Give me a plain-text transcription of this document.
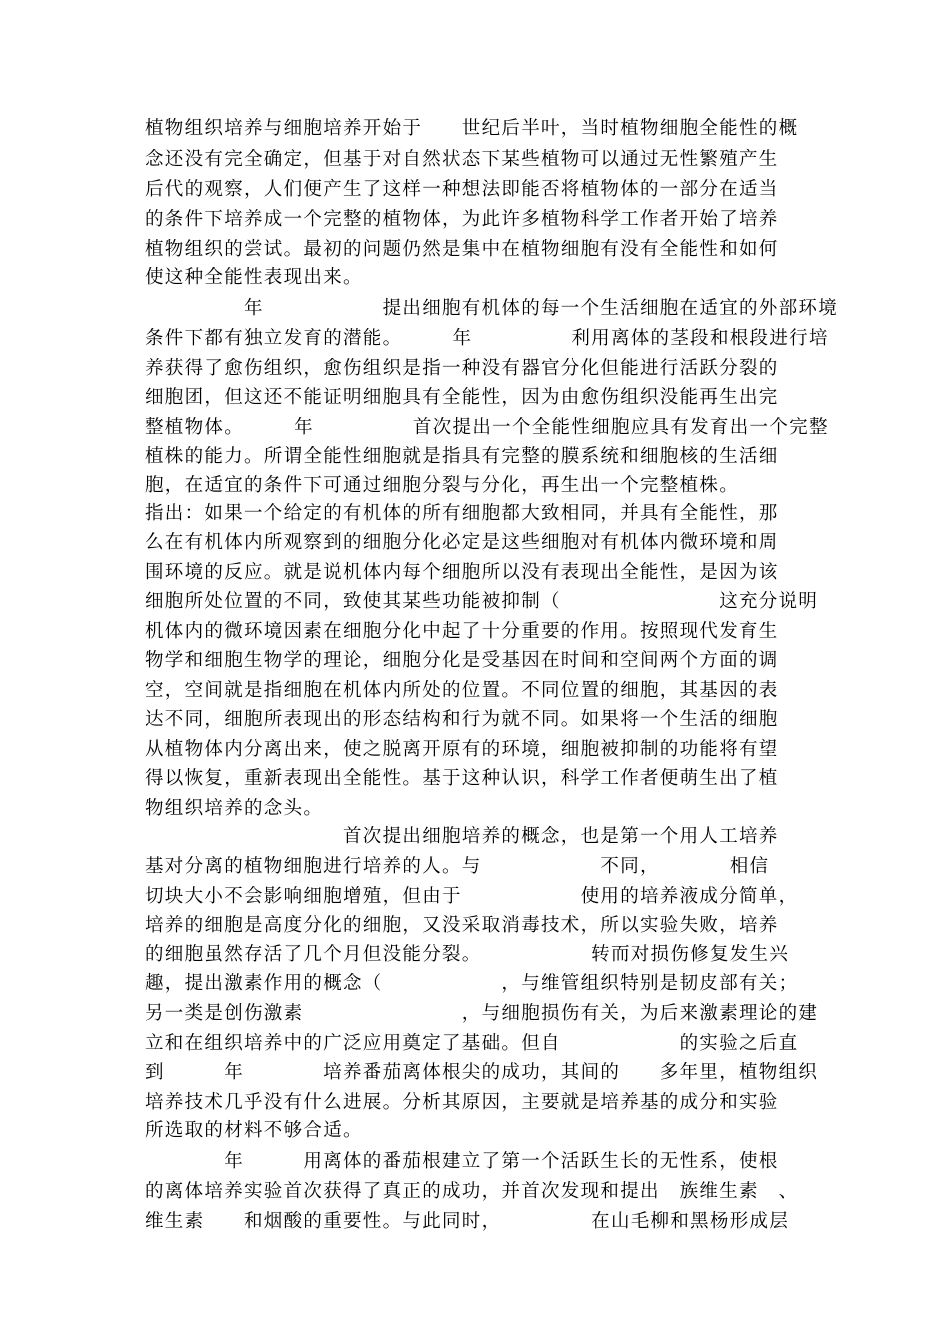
植物组织培养与细胞培养开始于　　世纪后半叶，当时植物细胞全能性的概
念还没有完全确定，但基于对自然状态下某些植物可以通过无性繁殖产生
后代的观察，人们便产生了这样一种想法即能否将植物体的一部分在适当
的条件下培养成一个完整的植物体，为此许多植物科学工作者开始了培养
植物组织的尝试。最初的问题仍然是集中在植物细胞有没有全能性和如何
使这种全能性表现出来。
　　　　　年　　　　　　提出细胞有机体的每一个生活细胞在适宜的外部环境
条件下都有独立发育的潜能。　　　年　　　　　利用离体的茎段和根段进行培
养获得了愈伤组织，愈伤组织是指一种没有器官分化但能进行活跃分裂的
细胞团，但这还不能证明细胞具有全能性，因为由愈伤组织没能再生出完
整植物体。　　　年　　　　　首次提出一个全能性细胞应具有发育出一个完整
植株的能力。所谓全能性细胞就是指具有完整的膜系统和细胞核的生活细
胞，在适宜的条件下可通过细胞分裂与分化，再生出一个完整植株。
指出：如果一个给定的有机体的所有细胞都大致相同，并具有全能性，那
么在有机体内所观察到的细胞分化必定是这些细胞对有机体内微环境和周
围环境的反应。就是说机体内每个细胞所以没有表现出全能性，是因为该
细胞所处位置的不同，致使其某些功能被抑制（　　　　　　　　这充分说明
机体内的微环境因素在细胞分化中起了十分重要的作用。按照现代发育生
物学和细胞生物学的理论，细胞分化是受基因在时间和空间两个方面的调
空，空间就是指细胞在机体内所处的位置。不同位置的细胞，其基因的表
达不同，细胞所表现出的形态结构和行为就不同。如果将一个生活的细胞
从植物体内分离出来，使之脱离开原有的环境，细胞被抑制的功能将有望
得以恢复，重新表现出全能性。基于这种认识，科学工作者便萌生出了植
物组织培养的念头。
　　　　　　　　　　首次提出细胞培养的概念，也是第一个用人工培养
基对分离的植物细胞进行培养的人。与　　　　　　不同，　　　　相信
切块大小不会影响细胞增殖，但由于　　　　　　使用的培养液成分简单，
培养的细胞是高度分化的细胞，又没采取消毒技术，所以实验失败，培养
的细胞虽然存活了几个月但没能分裂。　　　　　　转而对损伤修复发生兴
趣，提出激素作用的概念（　　　　　　，与维管组织特别是韧皮部有关；
另一类是创伤激素　　　　　　　　，与细胞损伤有关，为后来激素理论的建
立和在组织培养中的广泛应用奠定了基础。但自　　　　　　的实验之后直
到　　　年　　　　培养番茄离体根尖的成功，其间的　　多年里，植物组织
培养技术几乎没有什么进展。分析其原因，主要就是培养基的成分和实验
所选取的材料不够合适。
　　　　年　　　用离体的番茄根建立了第一个活跃生长的无性系，使根
的离体培养实验首次获得了真正的成功，并首次发现和提出　族维生素　、
维生素　　和烟酸的重要性。与此同时，　　　　　在山毛柳和黑杨形成层
